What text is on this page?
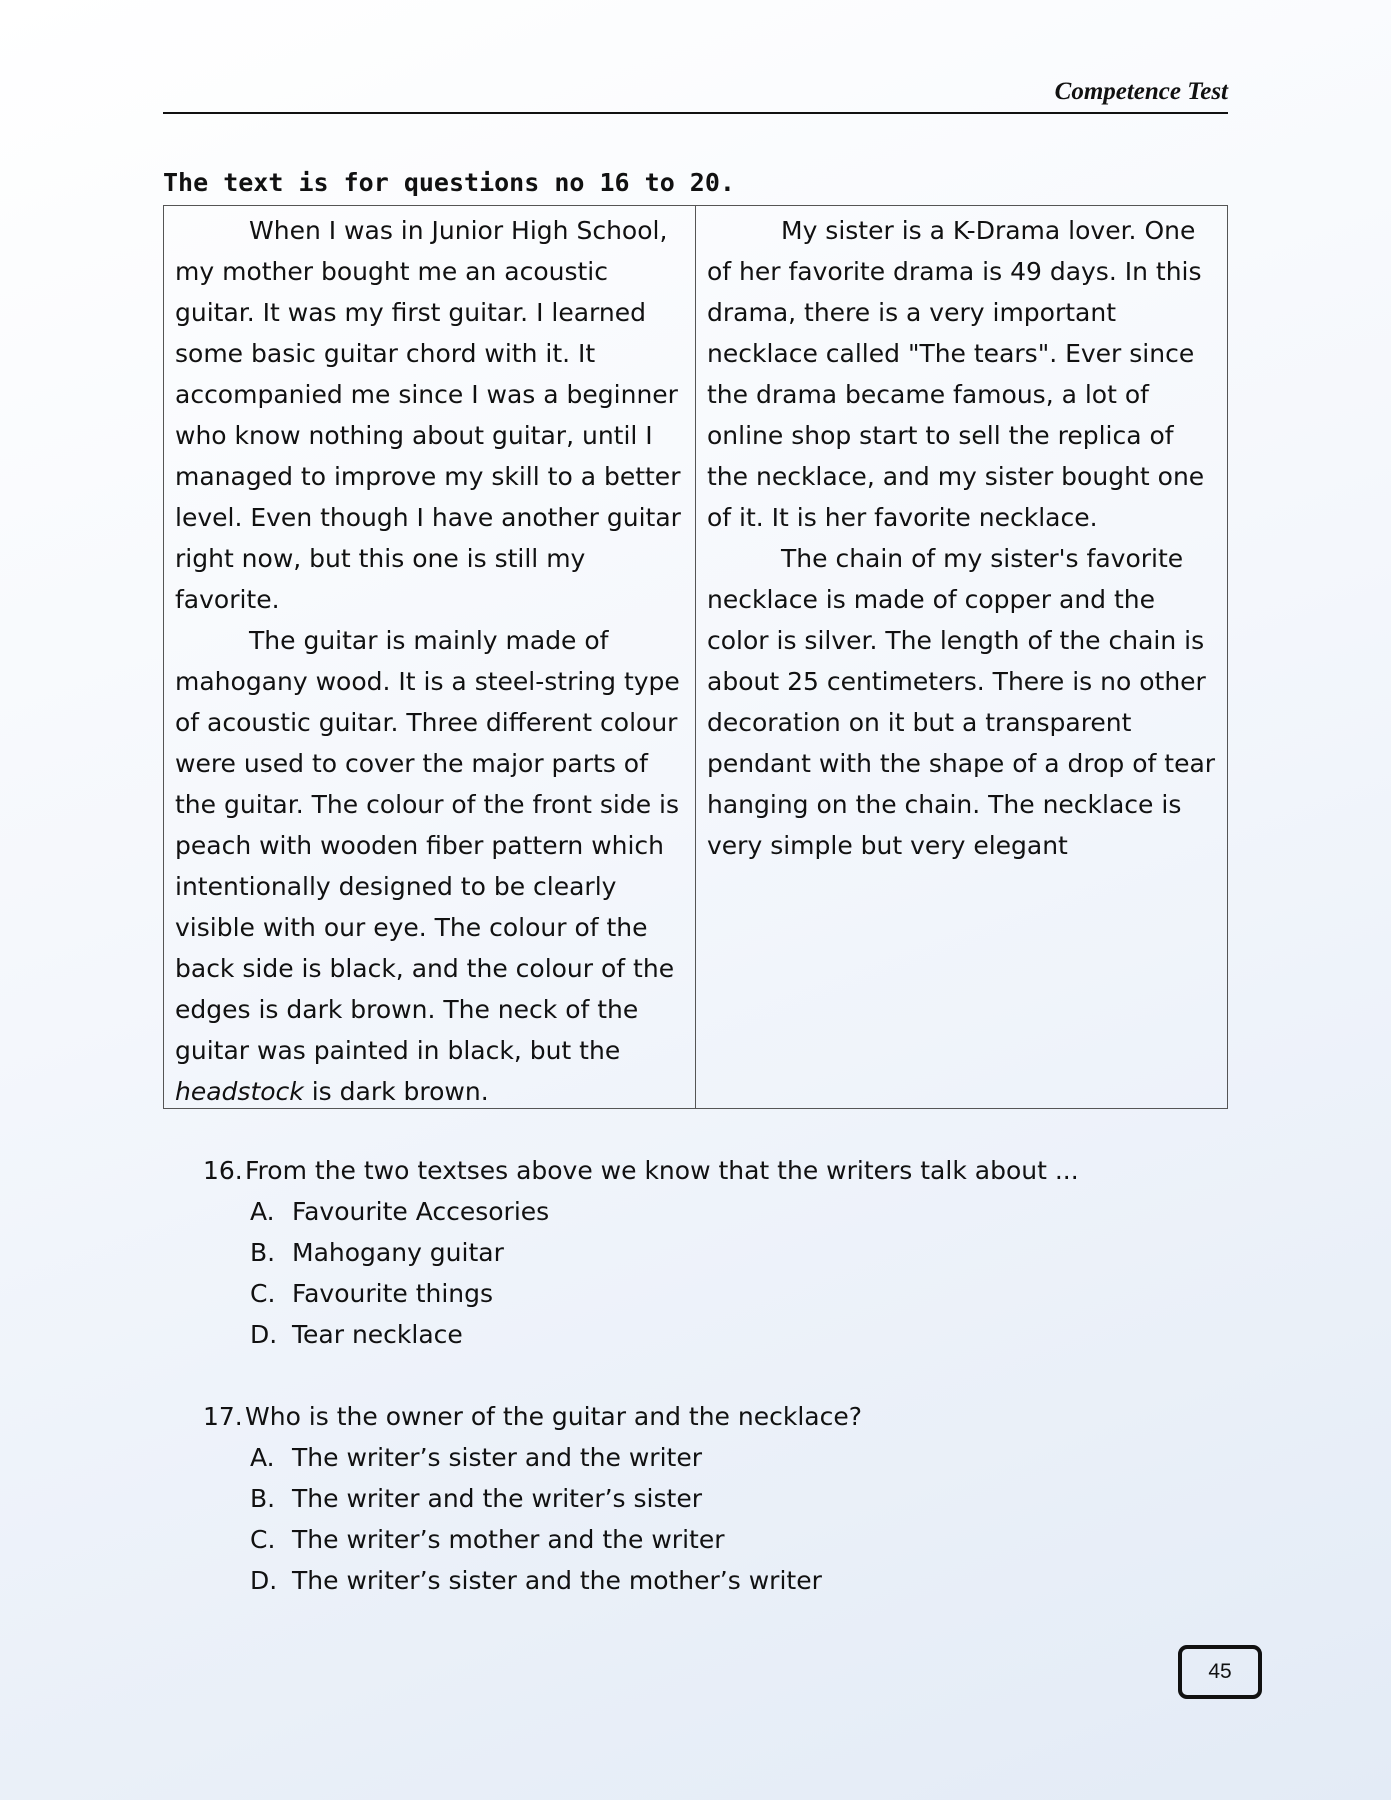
Competence Test
The text is for questions no 16 to 20.

When I was in Junior High School, my mother bought me an acoustic guitar. It was my first guitar. I learned some basic guitar chord with it. It accompanied me since I was a beginner who know nothing about guitar, until I managed to improve my skill to a better level. Even though I have another guitar right now, but this one is still my favorite.

The guitar is mainly made of mahogany wood. It is a steel-string type of acoustic guitar. Three different colour were used to cover the major parts of the guitar. The colour of the front side is peach with wooden fiber pattern which intentionally designed to be clearly visible with our eye. The colour of the back side is black, and the colour of the edges is dark brown. The neck of the guitar was painted in black, but the headstock is dark brown.

My sister is a K-Drama lover. One of her favorite drama is 49 days. In this drama, there is a very important necklace called "The tears". Ever since the drama became famous, a lot of online shop start to sell the replica of the necklace, and my sister bought one of it. It is her favorite necklace.

The chain of my sister's favorite necklace is made of copper and the color is silver. The length of the chain is about 25 centimeters. There is no other decoration on it but a transparent pendant with the shape of a drop of tear hanging on the chain. The necklace is very simple but very elegant

16. From the two textses above we know that the writers talk about ...
A. Favourite Accesories
B. Mahogany guitar
C. Favourite things
D. Tear necklace
17. Who is the owner of the guitar and the necklace?
A. The writer’s sister and the writer
B. The writer and the writer’s sister
C. The writer’s mother and the writer
D. The writer’s sister and the mother’s writer
45
